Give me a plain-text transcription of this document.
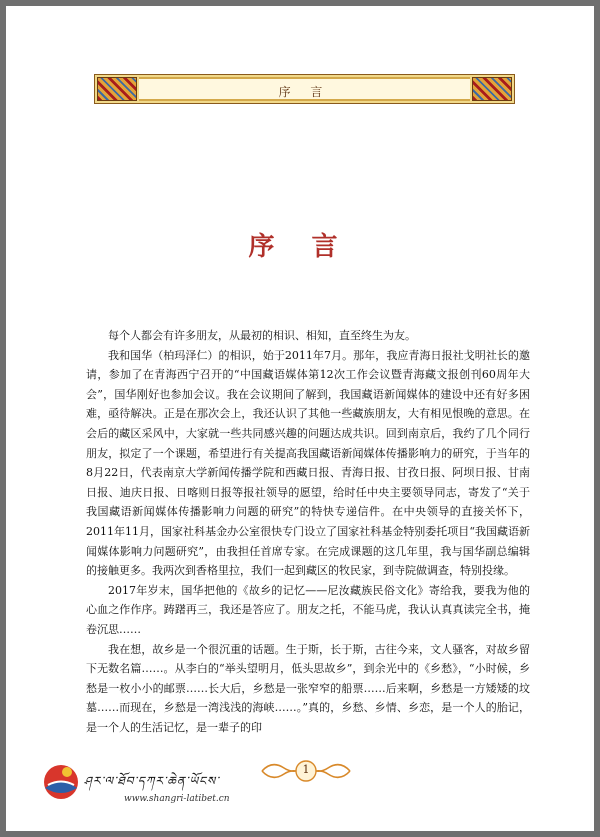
序 言
序 言

每个人都会有许多朋友，从最初的相识、相知，直至终生为友。

我和国华（柏玛泽仁）的相识，始于2011年7月。那年，我应青海日报社戈明社长的邀请，参加了在青海西宁召开的“中国藏语媒体第12次工作会议暨青海藏文报创刊60周年大会”，国华刚好也参加会议。我在会议期间了解到，我国藏语新闻媒体的建设中还有好多困难，亟待解决。正是在那次会上，我还认识了其他一些藏族朋友，大有相见恨晚的意思。在会后的藏区采风中，大家就一些共同感兴趣的问题达成共识。回到南京后，我约了几个同行朋友，拟定了一个课题，希望进行有关提高我国藏语新闻媒体传播影响力的研究，于当年的8月22日，代表南京大学新闻传播学院和西藏日报、青海日报、甘孜日报、阿坝日报、甘南日报、迪庆日报、日喀则日报等报社领导的愿望，给时任中央主要领导同志，寄发了“关于我国藏语新闻媒体传播影响力问题的研究”的特快专递信件。在中央领导的直接关怀下，2011年11月，国家社科基金办公室很快专门设立了国家社科基金特别委托项目“我国藏语新闻媒体影响力问题研究”，由我担任首席专家。在完成课题的这几年里，我与国华副总编辑的接触更多。我两次到香格里拉，我们一起到藏区的牧民家，到寺院做调查，特别投缘。

2017年岁末，国华把他的《故乡的记忆——尼汝藏族民俗文化》寄给我，要我为他的心血之作作序。踌躇再三，我还是答应了。朋友之托，不能马虎，我认认真真读完全书，掩卷沉思……

我在想，故乡是一个很沉重的话题。生于斯，长于斯，古往今来，文人骚客，对故乡留下无数名篇……。从李白的“举头望明月，低头思故乡”，到余光中的《乡愁》，“小时候，乡愁是一枚小小的邮票……长大后，乡愁是一张窄窄的船票……后来啊，乡愁是一方矮矮的坟墓……而现在，乡愁是一湾浅浅的海峡……。”真的，乡愁、乡情、乡恋，是一个人的胎记，是一个人的生活记忆，是一辈子的印

ཤར་ལ་ཐོབ་དཀར་ཆེན་ཡོངས་
www.shangri-latibet.cn
1
